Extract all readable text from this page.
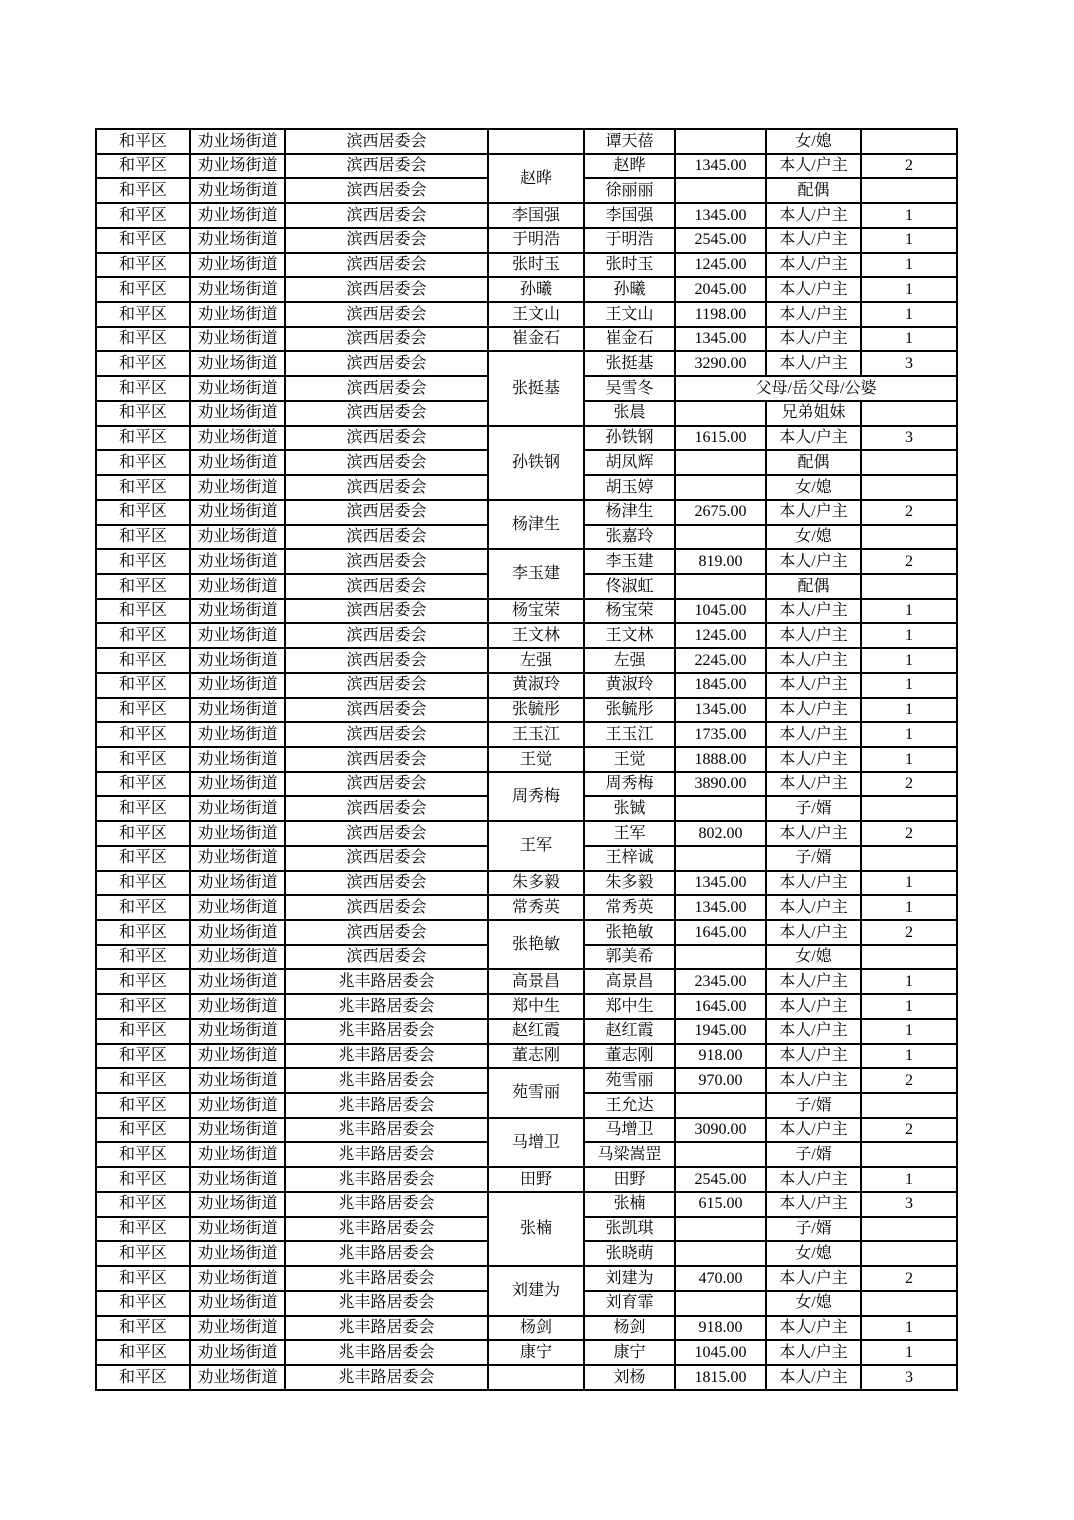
和平区	劝业场街道	滨西居委会		谭天蓓		女/媳	
和平区	劝业场街道	滨西居委会	赵晔	赵晔	1345.00	本人/户主	2
和平区	劝业场街道	滨西居委会		徐丽丽		配偶	
和平区	劝业场街道	滨西居委会	李国强	李国强	1345.00	本人/户主	1
和平区	劝业场街道	滨西居委会	于明浩	于明浩	2545.00	本人/户主	1
和平区	劝业场街道	滨西居委会	张时玉	张时玉	1245.00	本人/户主	1
和平区	劝业场街道	滨西居委会	孙曦	孙曦	2045.00	本人/户主	1
和平区	劝业场街道	滨西居委会	王文山	王文山	1198.00	本人/户主	1
和平区	劝业场街道	滨西居委会	崔金石	崔金石	1345.00	本人/户主	1
和平区	劝业场街道	滨西居委会	张挺基	张挺基	3290.00	本人/户主	3
和平区	劝业场街道	滨西居委会		吴雪冬	父母/岳父母/公婆		
和平区	劝业场街道	滨西居委会		张晨		兄弟姐妹	
和平区	劝业场街道	滨西居委会	孙铁钢	孙铁钢	1615.00	本人/户主	3
和平区	劝业场街道	滨西居委会		胡凤辉		配偶	
和平区	劝业场街道	滨西居委会		胡玉婷		女/媳	
和平区	劝业场街道	滨西居委会	杨津生	杨津生	2675.00	本人/户主	2
和平区	劝业场街道	滨西居委会		张嘉玲		女/媳	
和平区	劝业场街道	滨西居委会	李玉建	李玉建	819.00	本人/户主	2
和平区	劝业场街道	滨西居委会		佟淑虹		配偶	
和平区	劝业场街道	滨西居委会	杨宝荣	杨宝荣	1045.00	本人/户主	1
和平区	劝业场街道	滨西居委会	王文林	王文林	1245.00	本人/户主	1
和平区	劝业场街道	滨西居委会	左强	左强	2245.00	本人/户主	1
和平区	劝业场街道	滨西居委会	黄淑玲	黄淑玲	1845.00	本人/户主	1
和平区	劝业场街道	滨西居委会	张毓彤	张毓彤	1345.00	本人/户主	1
和平区	劝业场街道	滨西居委会	王玉江	王玉江	1735.00	本人/户主	1
和平区	劝业场街道	滨西居委会	王觉	王觉	1888.00	本人/户主	1
和平区	劝业场街道	滨西居委会	周秀梅	周秀梅	3890.00	本人/户主	2
和平区	劝业场街道	滨西居委会		张铖		子/婿	
和平区	劝业场街道	滨西居委会	王军	王军	802.00	本人/户主	2
和平区	劝业场街道	滨西居委会		王梓诚		子/婿	
和平区	劝业场街道	滨西居委会	朱多毅	朱多毅	1345.00	本人/户主	1
和平区	劝业场街道	滨西居委会	常秀英	常秀英	1345.00	本人/户主	1
和平区	劝业场街道	滨西居委会	张艳敏	张艳敏	1645.00	本人/户主	2
和平区	劝业场街道	滨西居委会		郭美希		女/媳	
和平区	劝业场街道	兆丰路居委会	高景昌	高景昌	2345.00	本人/户主	1
和平区	劝业场街道	兆丰路居委会	郑中生	郑中生	1645.00	本人/户主	1
和平区	劝业场街道	兆丰路居委会	赵红霞	赵红霞	1945.00	本人/户主	1
和平区	劝业场街道	兆丰路居委会	董志刚	董志刚	918.00	本人/户主	1
和平区	劝业场街道	兆丰路居委会	苑雪丽	苑雪丽	970.00	本人/户主	2
和平区	劝业场街道	兆丰路居委会		王允达		子/婿	
和平区	劝业场街道	兆丰路居委会	马增卫	马增卫	3090.00	本人/户主	2
和平区	劝业场街道	兆丰路居委会		马梁嵩罡		子/婿	
和平区	劝业场街道	兆丰路居委会	田野	田野	2545.00	本人/户主	1
和平区	劝业场街道	兆丰路居委会	张楠	张楠	615.00	本人/户主	3
和平区	劝业场街道	兆丰路居委会		张凯琪		子/婿	
和平区	劝业场街道	兆丰路居委会		张晓萌		女/媳	
和平区	劝业场街道	兆丰路居委会	刘建为	刘建为	470.00	本人/户主	2
和平区	劝业场街道	兆丰路居委会		刘育霏		女/媳	
和平区	劝业场街道	兆丰路居委会	杨剑	杨剑	918.00	本人/户主	1
和平区	劝业场街道	兆丰路居委会	康宁	康宁	1045.00	本人/户主	1
和平区	劝业场街道	兆丰路居委会		刘杨	1815.00	本人/户主	3
